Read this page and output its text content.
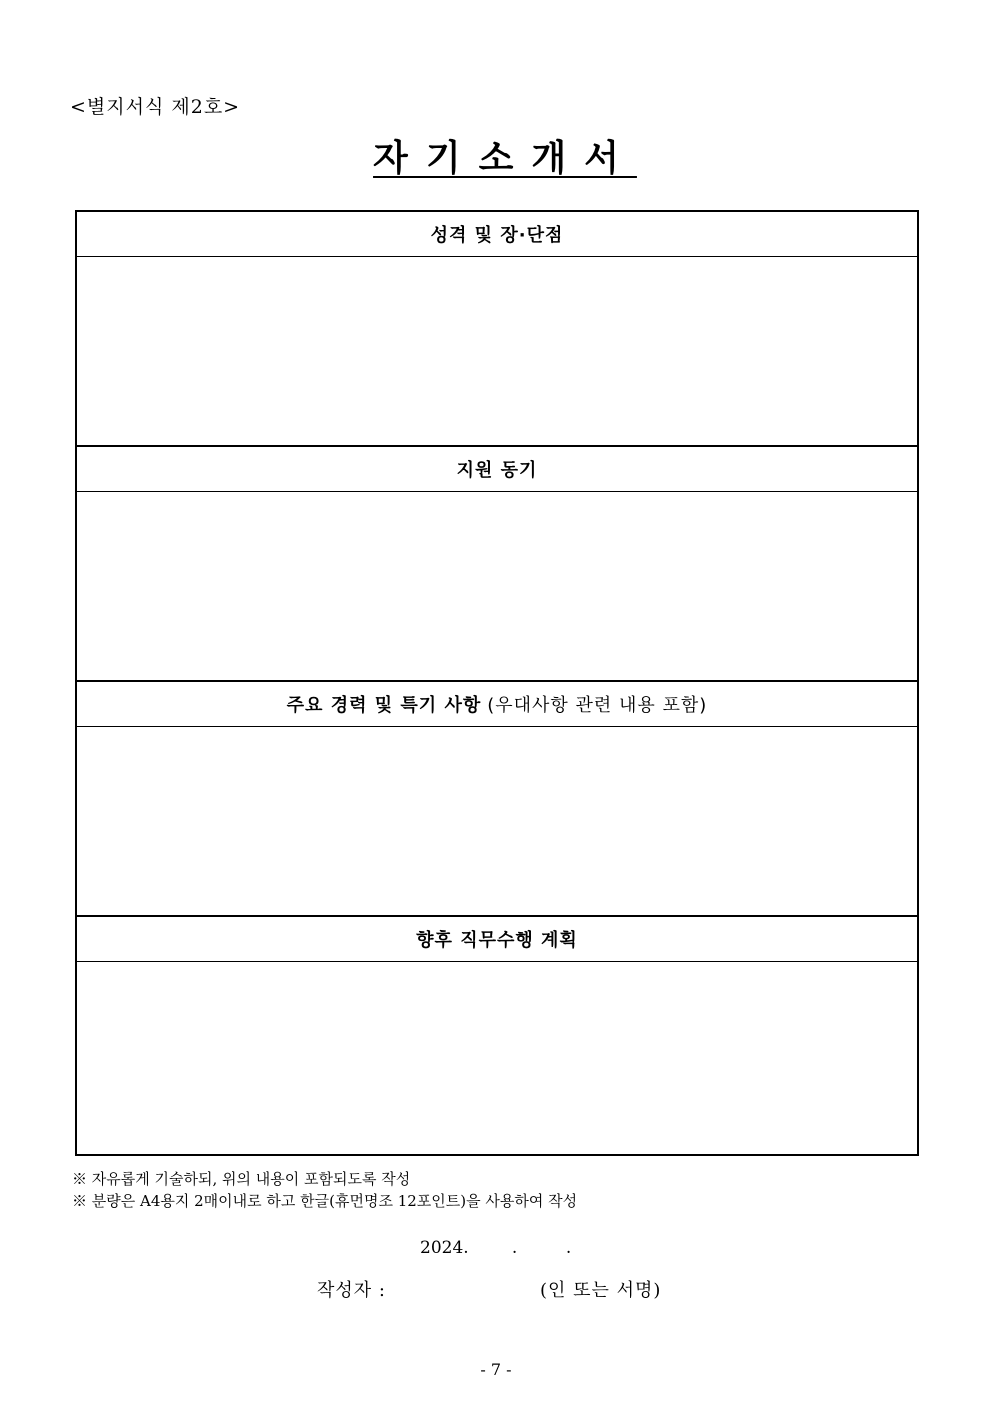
<별지서식 제2호>
자기소개서
성격 및 장·단점
지원 동기
주요 경력 및 특기 사항 (우대사항 관련 내용 포함)
향후 직무수행 계획
※ 자유롭게 기술하되, 위의 내용이 포함되도록 작성
※ 분량은 A4용지 2매이내로 하고 한글(휴먼명조 12포인트)을 사용하여 작성
2024.        .         .
작성자 :	(인 또는 서명)
- 7 -
